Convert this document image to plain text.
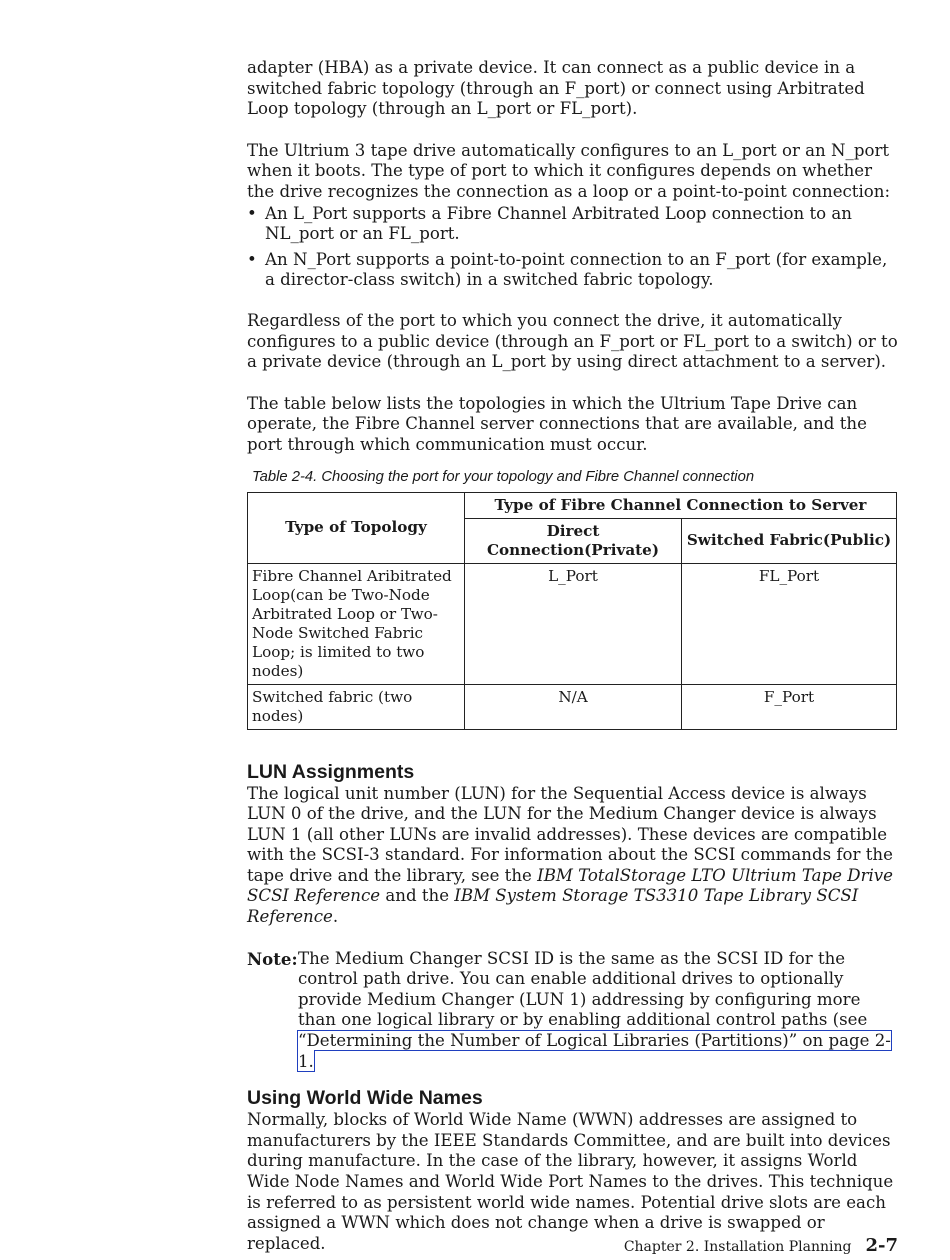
adapter (HBA) as a private device. It can connect as a public device in a switched fabric topology (through an F_port) or connect using Arbitrated Loop topology (through an L_port or FL_port).

The Ultrium 3 tape drive automatically configures to an L_port or an N_port when it boots. The type of port to which it configures depends on whether the drive recognizes the connection as a loop or a point-to-point connection:

• An L_Port supports a Fibre Channel Arbitrated Loop connection to an NL_port or an FL_port.
• An N_Port supports a point-to-point connection to an F_port (for example, a director-class switch) in a switched fabric topology.

Regardless of the port to which you connect the drive, it automatically configures to a public device (through an F_port or FL_port to a switch) or to a private device (through an L_port by using direct attachment to a server).

The table below lists the topologies in which the Ultrium Tape Drive can operate, the Fibre Channel server connections that are available, and the port through which communication must occur.

Table 2-4. Choosing the port for your topology and Fibre Channel connection
Type of Topology	Type of Fibre Channel Connection to Server	
	Direct Connection(Private)	Switched Fabric(Public)
Fibre Channel Aribitrated Loop(can be Two-Node Arbitrated Loop or Two-Node Switched Fabric Loop; is limited to two nodes)	L_Port	FL_Port
Switched fabric (two nodes)	N/A	F_Port
LUN Assignments

The logical unit number (LUN) for the Sequential Access device is always LUN 0 of the drive, and the LUN for the Medium Changer device is always LUN 1 (all other LUNs are invalid addresses). These devices are compatible with the SCSI-3 standard. For information about the SCSI commands for the tape drive and the library, see the IBM TotalStorage LTO Ultrium Tape Drive SCSI Reference and the IBM System Storage TS3310 Tape Library SCSI Reference.

Note: The Medium Changer SCSI ID is the same as the SCSI ID for the control path drive. You can enable additional drives to optionally provide Medium Changer (LUN 1) addressing by configuring more than one logical library or by enabling additional control paths (see “Determining the Number of Logical Libraries (Partitions)” on page 2-1.
Using World Wide Names

Normally, blocks of World Wide Name (WWN) addresses are assigned to manufacturers by the IEEE Standards Committee, and are built into devices during manufacture. In the case of the library, however, it assigns World Wide Node Names and World Wide Port Names to the drives. This technique is referred to as persistent world wide names. Potential drive slots are each assigned a WWN which does not change when a drive is swapped or replaced.	Chapter 2. Installation Planning 2-7
